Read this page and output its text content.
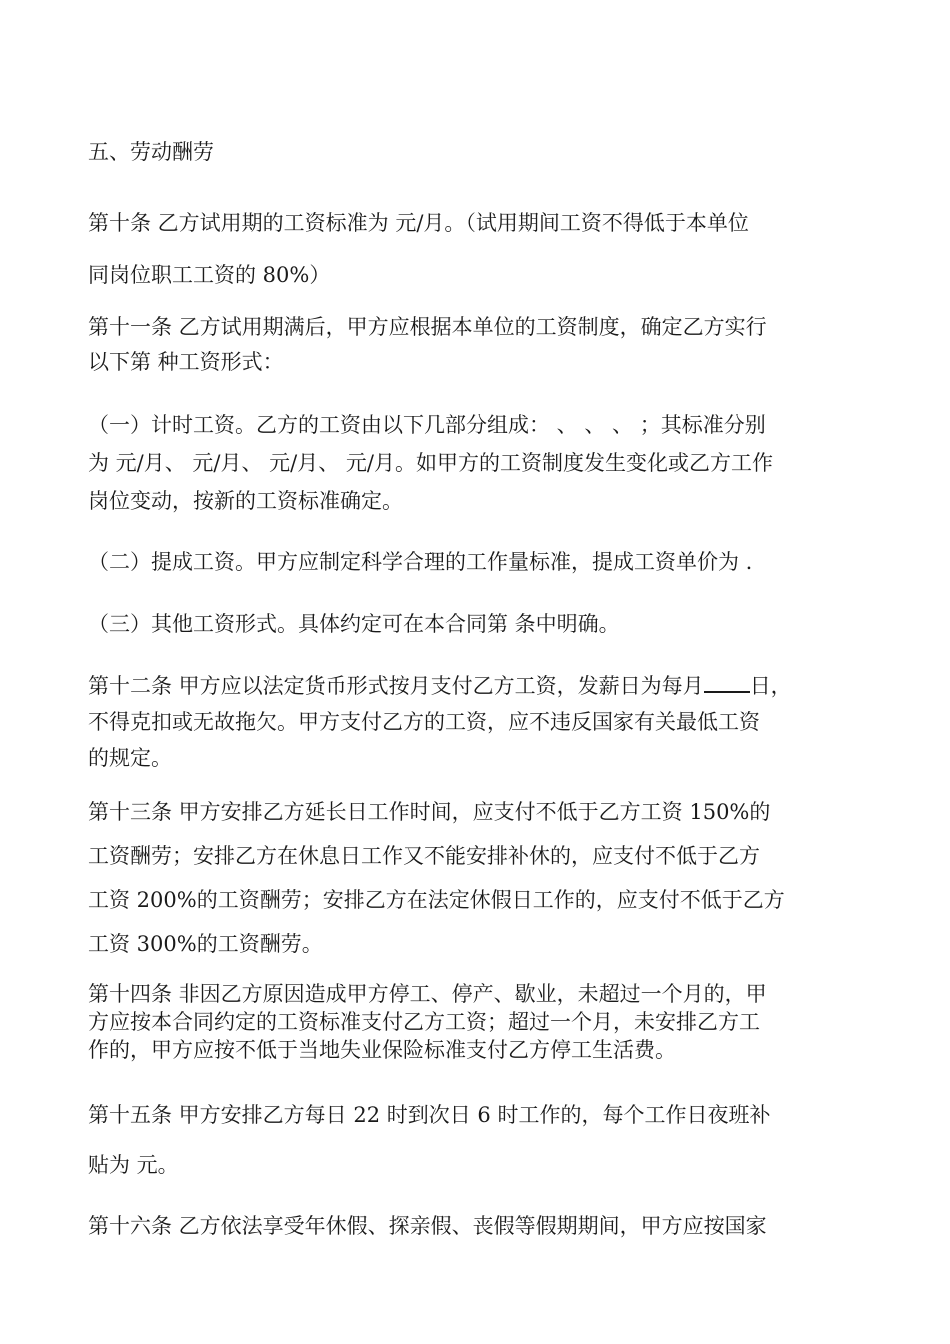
五、劳动酬劳

第十条 乙方试用期的工资标准为 元/月。（试用期间工资不得低于本单位
同岗位职工工资的 80%）

第十一条 乙方试用期满后，甲方应根据本单位的工资制度，确定乙方实行
以下第 种工资形式：

（一）计时工资。乙方的工资由以下几部分组成： 、 、 、 ；其标准分别
为 元/月、 元/月、 元/月、 元/月。如甲方的工资制度发生变化或乙方工作
岗位变动，按新的工资标准确定。

（二）提成工资。甲方应制定科学合理的工作量标准，提成工资单价为 .

（三）其他工资形式。具体约定可在本合同第 条中明确。

第十二条 甲方应以法定货币形式按月支付乙方工资，发薪日为每月 日，
不得克扣或无故拖欠。甲方支付乙方的工资，应不违反国家有关最低工资
的规定。

第十三条 甲方安排乙方延长日工作时间，应支付不低于乙方工资 150%的
工资酬劳；安排乙方在休息日工作又不能安排补休的，应支付不低于乙方
工资 200%的工资酬劳；安排乙方在法定休假日工作的，应支付不低于乙方
工资 300%的工资酬劳。

第十四条 非因乙方原因造成甲方停工、停产、歇业，未超过一个月的，甲
方应按本合同约定的工资标准支付乙方工资；超过一个月，未安排乙方工
作的，甲方应按不低于当地失业保险标准支付乙方停工生活费。

第十五条 甲方安排乙方每日 22 时到次日 6 时工作的，每个工作日夜班补
贴为 元。

第十六条 乙方依法享受年休假、探亲假、丧假等假期期间，甲方应按国家
